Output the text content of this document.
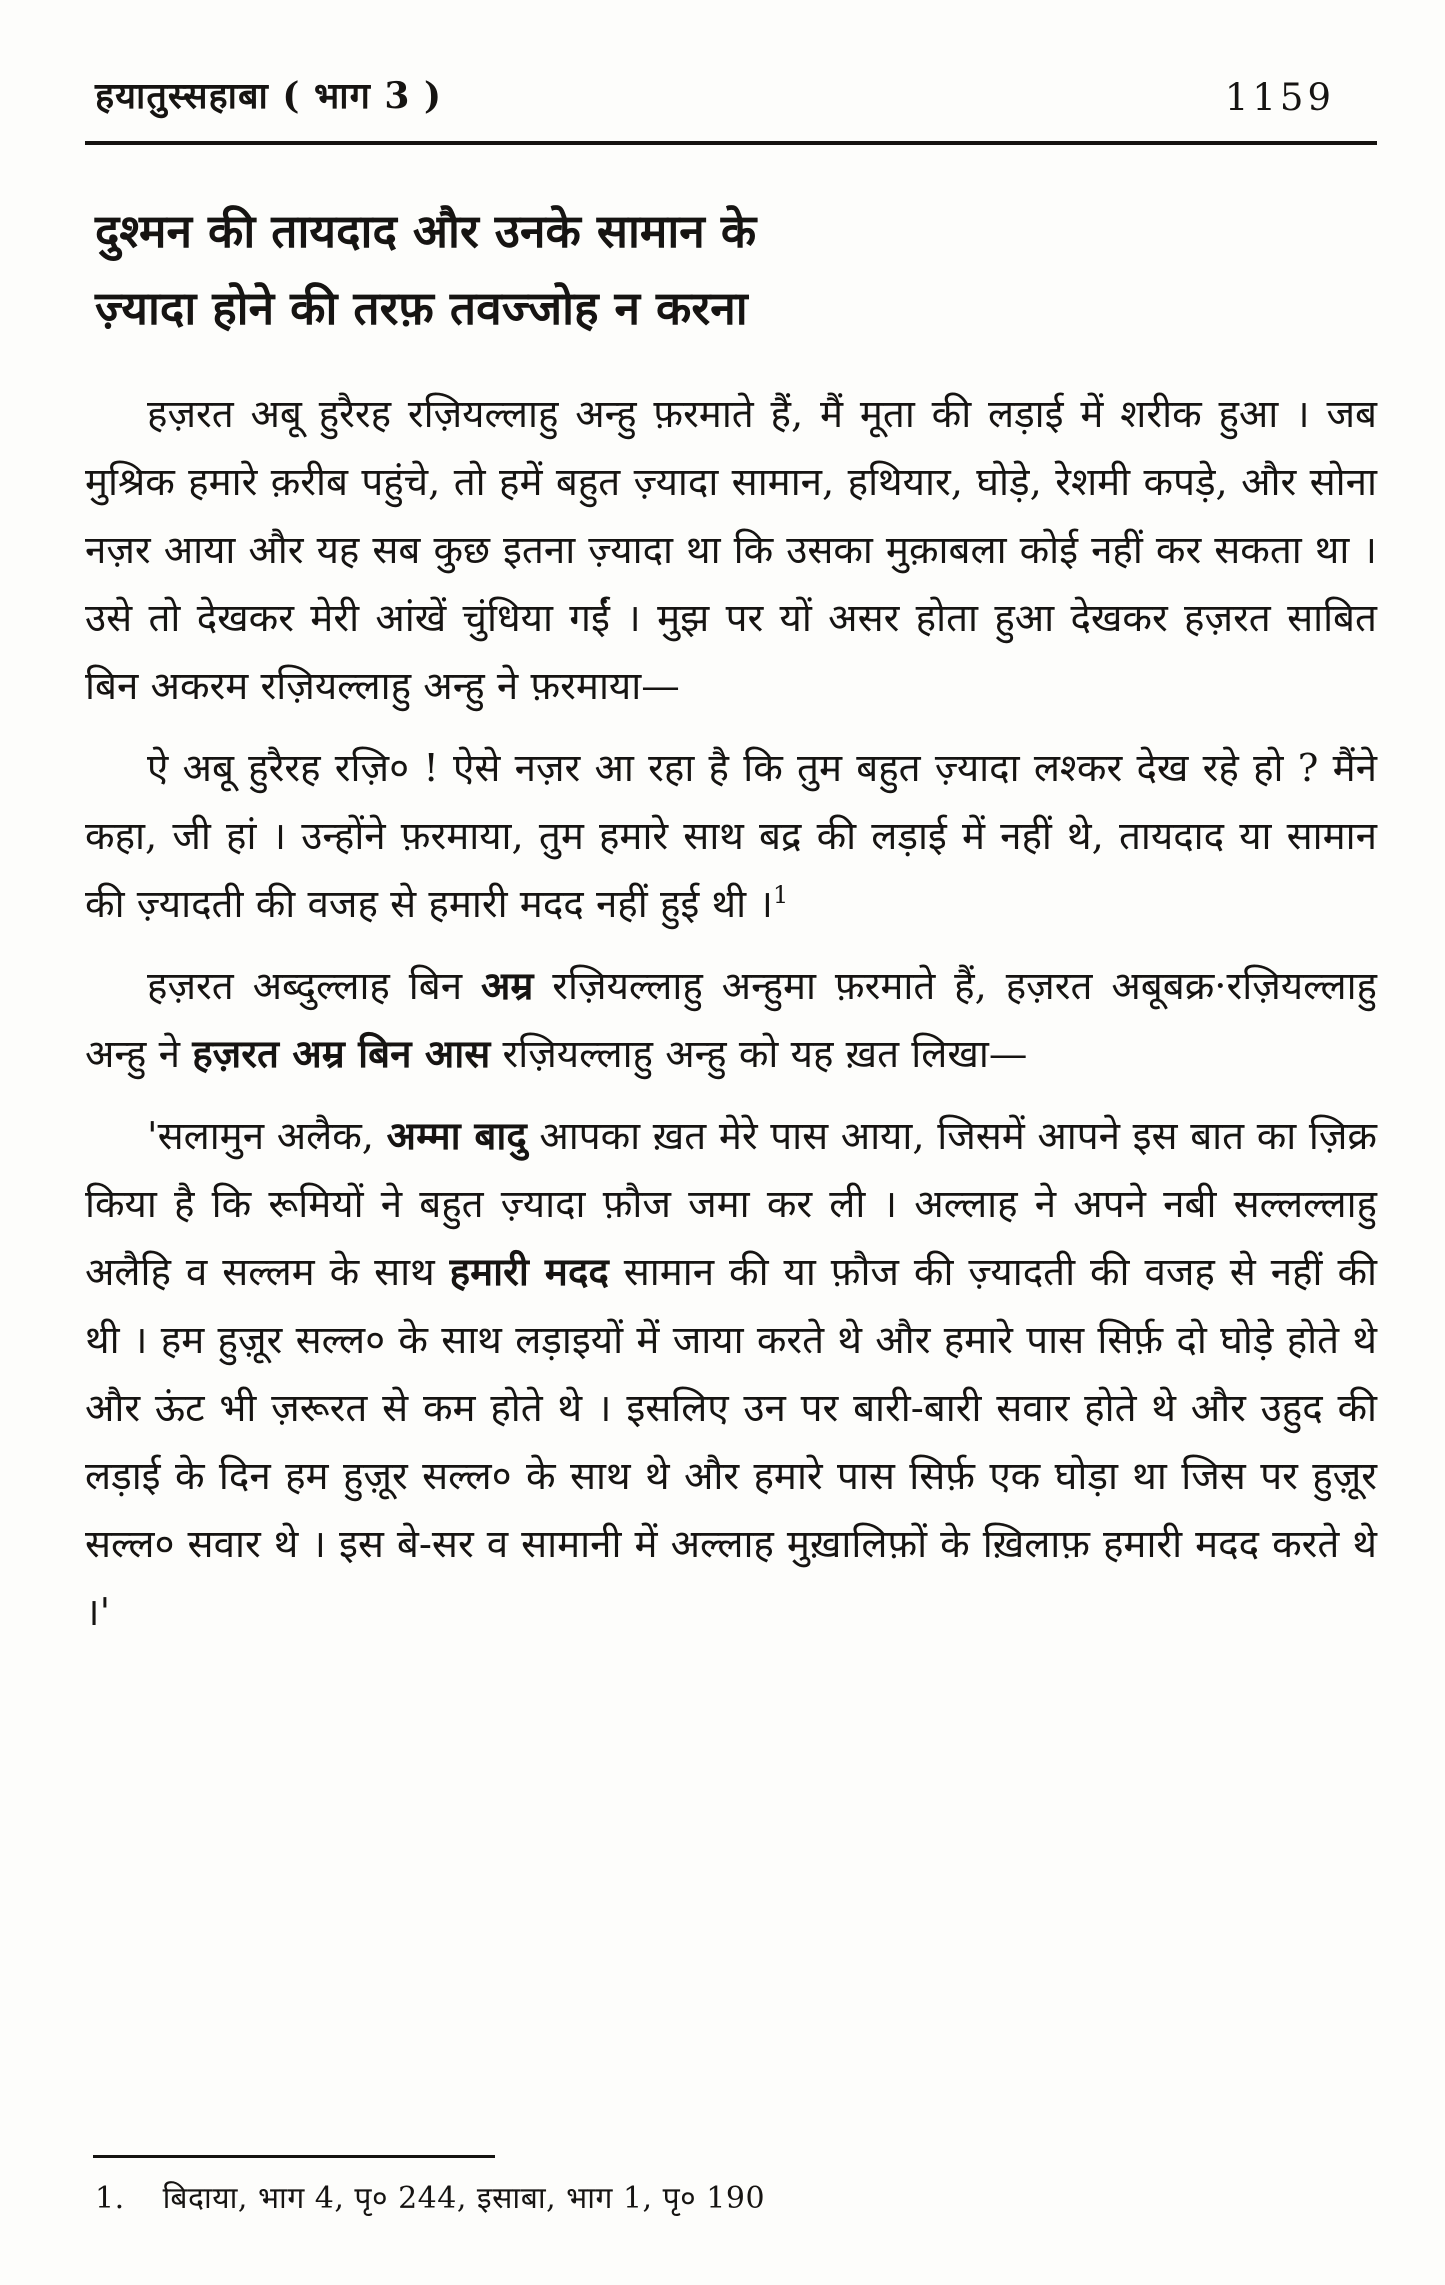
हयातुस्सहाबा ( भाग 3 )	1159
दुश्मन की तायदाद और उनके सामान के
ज़्यादा होने की तरफ़ तवज्जोह न करना

हज़रत अबू हुरैरह रज़ियल्लाहु अन्हु फ़रमाते हैं, मैं मूता की लड़ाई में शरीक हुआ । जब मुश्रिक हमारे क़रीब पहुंचे, तो हमें बहुत ज़्यादा सामान, हथियार, घोड़े, रेशमी कपड़े, और सोना नज़र आया और यह सब कुछ इतना ज़्यादा था कि उसका मुक़ाबला कोई नहीं कर सकता था । उसे तो देखकर मेरी आंखें चुंधिया गईं । मुझ पर यों असर होता हुआ देखकर हज़रत साबित बिन अकरम रज़ियल्लाहु अन्हु ने फ़रमाया—

ऐ अबू हुरैरह रज़ि० ! ऐसे नज़र आ रहा है कि तुम बहुत ज़्यादा लश्कर देख रहे हो ? मैंने कहा, जी हां । उन्होंने फ़रमाया, तुम हमारे साथ बद्र की लड़ाई में नहीं थे, तायदाद या सामान की ज़्यादती की वजह से हमारी मदद नहीं हुई थी ।$^1$

हज़रत अब्दुल्लाह बिन अम्र रज़ियल्लाहु अन्हुमा फ़रमाते हैं, हज़रत अबूबक्र·रज़ियल्लाहु अन्हु ने हज़रत अम्र बिन आस रज़ियल्लाहु अन्हु को यह ख़त लिखा—

'सलामुन अलैक, अम्मा बादु आपका ख़त मेरे पास आया, जिसमें आपने इस बात का ज़िक्र किया है कि रूमियों ने बहुत ज़्यादा फ़ौज जमा कर ली । अल्लाह ने अपने नबी सल्लल्लाहु अलैहि व सल्लम के साथ हमारी मदद सामान की या फ़ौज की ज़्यादती की वजह से नहीं की थी । हम हुज़ूर सल्ल० के साथ लड़ाइयों में जाया करते थे और हमारे पास सिर्फ़ दो घोड़े होते थे और ऊंट भी ज़रूरत से कम होते थे । इसलिए उन पर बारी-बारी सवार होते थे और उहुद की लड़ाई के दिन हम हुज़ूर सल्ल० के साथ थे और हमारे पास सिर्फ़ एक घोड़ा था जिस पर हुज़ूर सल्ल० सवार थे । इस बे-सर व सामानी में अल्लाह मुख़ालिफ़ों के ख़िलाफ़ हमारी मदद करते थे ।'

1. बिदाया, भाग 4, पृ० 244, इसाबा, भाग 1, पृ० 190
